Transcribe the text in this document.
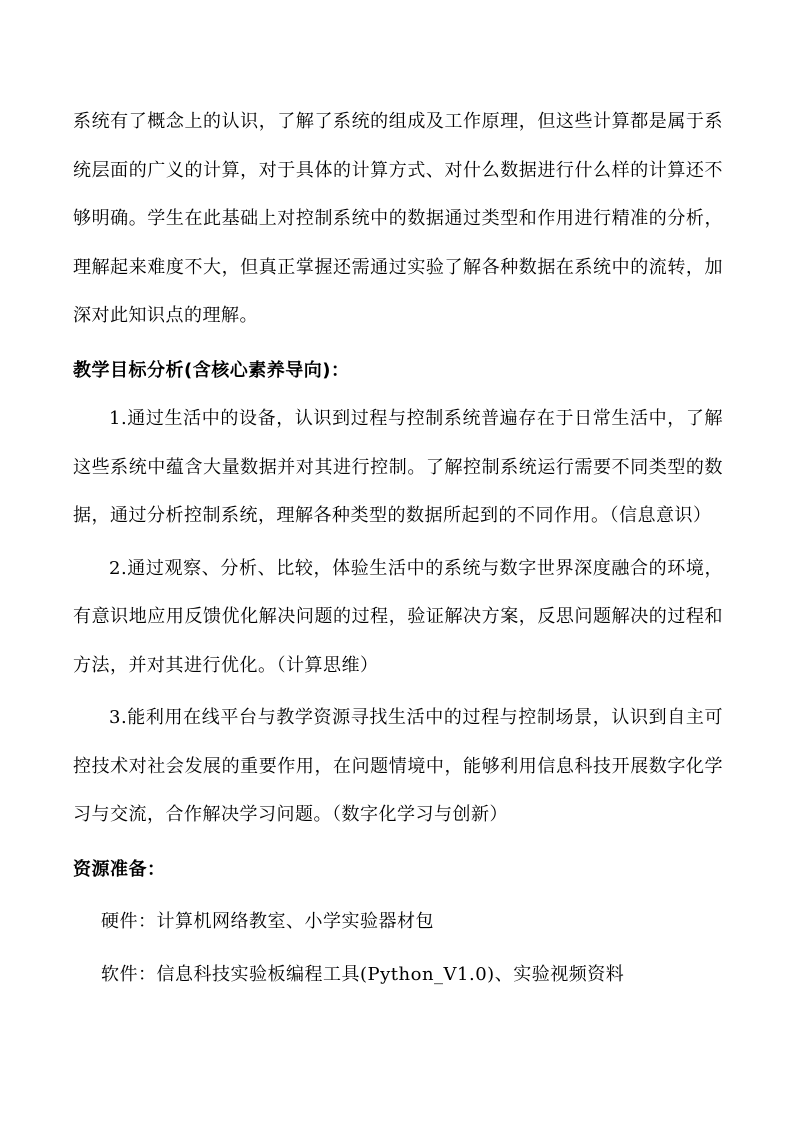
系统有了概念上的认识，了解了系统的组成及工作原理，但这些计算都是属于系统层面的广义的计算，对于具体的计算方式、对什么数据进行什么样的计算还不够明确。学生在此基础上对控制系统中的数据通过类型和作用进行精准的分析，理解起来难度不大，但真正掌握还需通过实验了解各种数据在系统中的流转，加深对此知识点的理解。

教学目标分析(含核心素养导向)：

1.通过生活中的设备，认识到过程与控制系统普遍存在于日常生活中，了解这些系统中蕴含大量数据并对其进行控制。了解控制系统运行需要不同类型的数据，通过分析控制系统，理解各种类型的数据所起到的不同作用。（信息意识）

2.通过观察、分析、比较，体验生活中的系统与数字世界深度融合的环境，有意识地应用反馈优化解决问题的过程，验证解决方案，反思问题解决的过程和方法，并对其进行优化。（计算思维）

3.能利用在线平台与教学资源寻找生活中的过程与控制场景，认识到自主可控技术对社会发展的重要作用，在问题情境中，能够利用信息科技开展数字化学习与交流，合作解决学习问题。（数字化学习与创新）

资源准备：

硬件：计算机网络教室、小学实验器材包

软件：信息科技实验板编程工具(Python_V1.0)、实验视频资料
